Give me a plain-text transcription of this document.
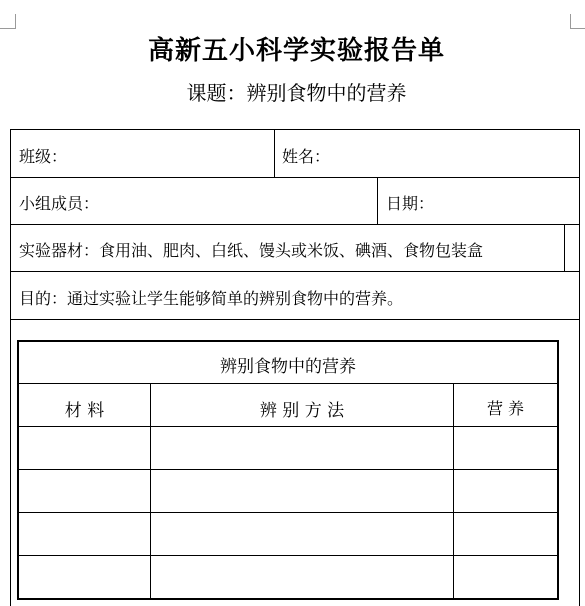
高新五小科学实验报告单
课题：辨别食物中的营养
班级：	姓名：
小组成员：	日期：
实验器材：食用油、肥肉、白纸、馒头或米饭、碘酒、食物包装盒
目的：通过实验让学生能够简单的辨别食物中的营养。
辨别食物中的营养
材 料	辨 别 方 法	营 养
